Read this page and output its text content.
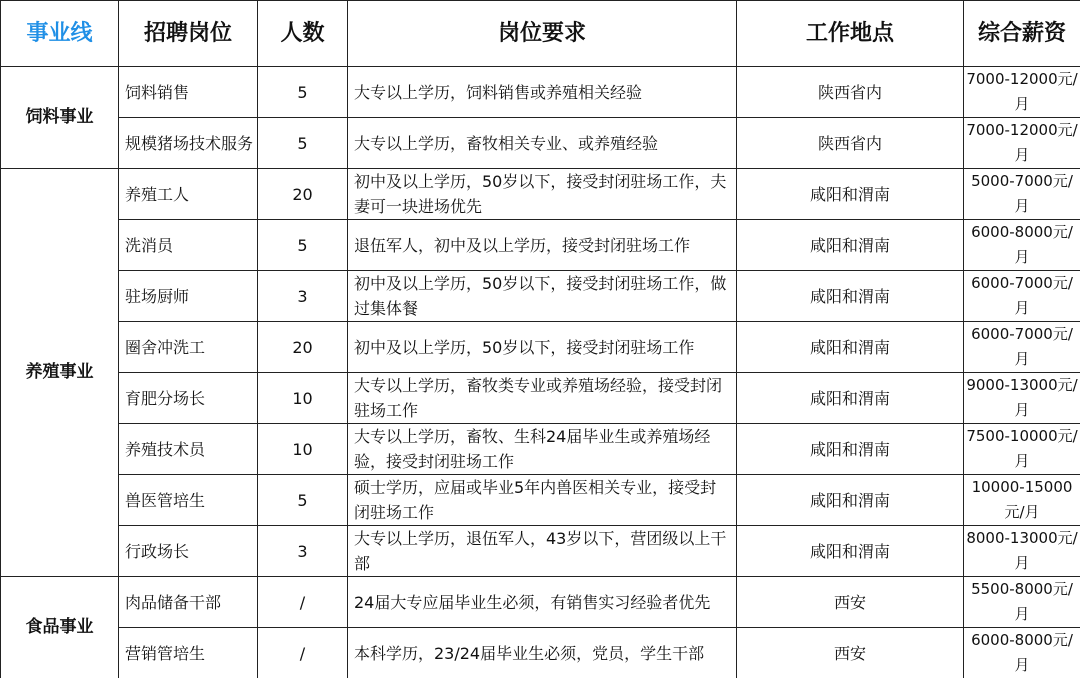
事业线	招聘岗位	人数	岗位要求	工作地点	综合薪资
饲料事业	饲料销售	5	大专以上学历，饲料销售或养殖相关经验	陕西省内	7000-12000元/月
	规模猪场技术服务	5	大专以上学历，畜牧相关专业、或养殖经验	陕西省内	7000-12000元/月
养殖事业	养殖工人	20	初中及以上学历，50岁以下，接受封闭驻场工作，夫妻可一块进场优先	咸阳和渭南	5000-7000元/月
	洗消员	5	退伍军人，初中及以上学历，接受封闭驻场工作	咸阳和渭南	6000-8000元/月
	驻场厨师	3	初中及以上学历，50岁以下，接受封闭驻场工作，做过集体餐	咸阳和渭南	6000-7000元/月
	圈舍冲洗工	20	初中及以上学历，50岁以下，接受封闭驻场工作	咸阳和渭南	6000-7000元/月
	育肥分场长	10	大专以上学历，畜牧类专业或养殖场经验，接受封闭驻场工作	咸阳和渭南	9000-13000元/月
	养殖技术员	10	大专以上学历，畜牧、生科24届毕业生或养殖场经验，接受封闭驻场工作	咸阳和渭南	7500-10000元/月
	兽医管培生	5	硕士学历，应届或毕业5年内兽医相关专业，接受封闭驻场工作	咸阳和渭南	10000-15000元/月
	行政场长	3	大专以上学历，退伍军人，43岁以下，营团级以上干部	咸阳和渭南	8000-13000元/月
食品事业	肉品储备干部	/	24届大专应届毕业生必须，有销售实习经验者优先	西安	5500-8000元/月
	营销管培生	/	本科学历，23/24届毕业生必须，党员，学生干部	西安	6000-8000元/月
